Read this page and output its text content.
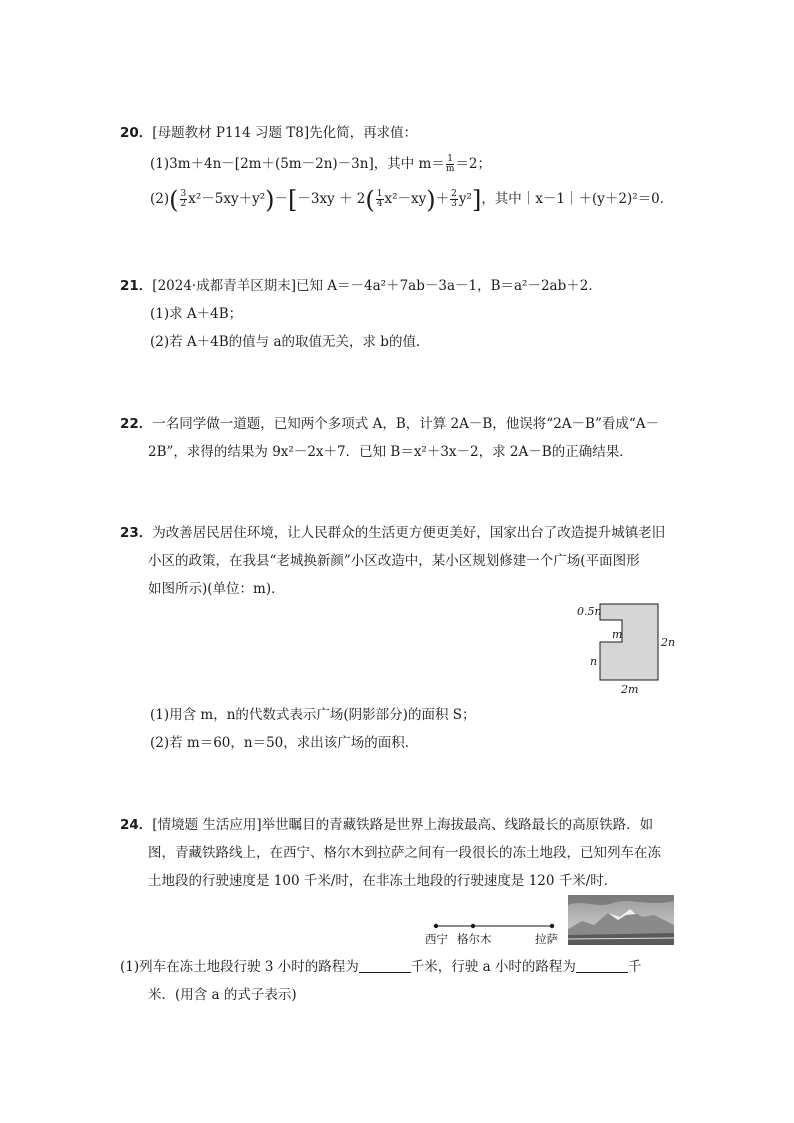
20．[母题教材 P114 习题 T8]先化简，再求值：
(1)3m＋4n－[2m＋(5m－2n)－3n]，其中 $m= \frac{1}{m} =2$；
$(2)( \frac{3}{2} x^2-5xy+y^2)-[-3xy + 2( \frac{1}{4} x^2-xy)+ \frac{2}{3} y^2]$，其中｜x－1｜＋(y＋2)²＝0．
21．[2024·成都青羊区期末]已知 A＝－4a²＋7ab－3a－1，B＝a²－2ab＋2．
(1)求 A＋4B；
(2)若 A＋4B的值与 a的取值无关，求 b的值．
22．一名同学做一道题，已知两个多项式 A，B，计算 2A－B，他误将“2A－B”看成“A－
2B”，求得的结果为 9x²－2x＋7．已知 B＝x²＋3x－2，求 2A－B的正确结果．
23．为改善居民居住环境，让人民群众的生活更方便更美好，国家出台了改造提升城镇老旧
小区的政策，在我县“老城换新颜”小区改造中，某小区规划修建一个广场(平面图形
如图所示)(单位：m)．
0.5n
m
2n
n
2m
(1)用含 m，n的代数式表示广场(阴影部分)的面积 S；
(2)若 m＝60，n＝50，求出该广场的面积．
24．[情境题 生活应用]举世瞩目的青藏铁路是世界上海拔最高、线路最长的高原铁路．如
图，青藏铁路线上，在西宁、格尔木到拉萨之间有一段很长的冻土地段，已知列车在冻
土地段的行驶速度是 100 千米/时，在非冻土地段的行驶速度是 120 千米/时．
西宁 格尔木	拉萨
(1)列车在冻土地段行驶 3 小时的路程为	千米，行驶 a 小时的路程为	千
米．(用含 a 的式子表示)
